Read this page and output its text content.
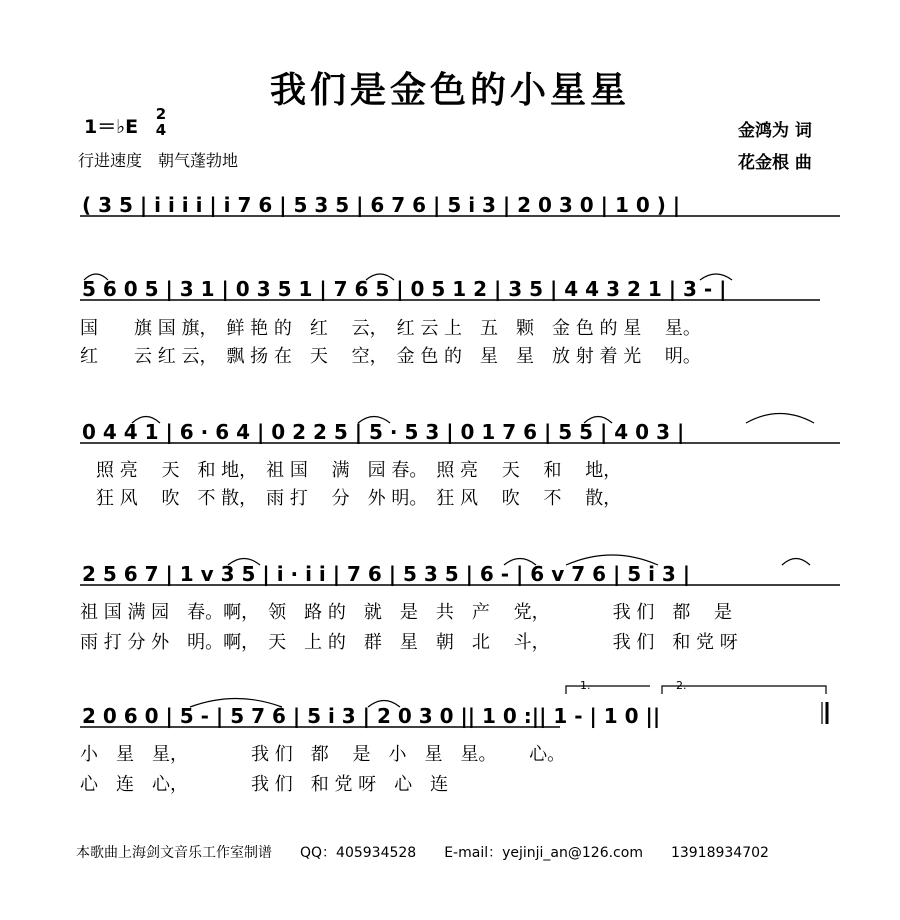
我们是金色的小星星
1＝♭E
2
4
行进速度　朝气蓬勃地
金鸿为 词
花金根 曲
( 3 5 | i i i i | i 7 6 | 5 3 5 | 6 7 6 | 5 i 3 | 2 0 3 0 | 1 0 ) |
5 6 0 5 | 3 1 | 0 3 5 1 | 7 6 5 | 0 5 1 2 | 3 5 | 4 4 3 2 1 | 3 - |
国　　旗 国 旗，　鲜 艳 的　红　 云，　红 云 上　五　颗　金 色 的 星　 星。
红　　云 红 云，　飘 扬 在　天　 空，　金 色 的　星　星　放 射 着 光　 明。
0 4 4 1 | 6 · 6 4 | 0 2 2 5 | 5 · 5 3 | 0 1 7 6 | 5 5 | 4 0 3 |
照 亮　 天　和 地，　祖 国　 满　园 春。　照 亮　 天　 和　 地，
狂 风　 吹　不 散，　雨 打　 分　外 明。　狂 风　 吹　 不　 散，
2 5 6 7 | 1 v 3 5 | i · i i | 7 6 | 5 3 5 | 6 - | 6 v 7 6 | 5 i 3 |
祖 国 满 园　春。啊，　领　路 的　就　是　共　产　 党，　　　　我 们　都　 是
雨 打 分 外　明。啊，　天　上 的　群　星　朝　北　 斗，　　　　我 们　和 党 呀
2 0 6 0 | 5 - | 5 7 6 | 5 i 3 | 2 0 3 0 || 1 0 :|| 1 - | 1 0 ||
小　星　星，　　　　我 们　都　 是　小　星　星。　　 心。
心　连　心，　　　　我 们　和 党 呀　心　连
1.	2.
本歌曲上海剑文音乐工作室制谱　　QQ：405934528　　E-mail：yejinji_an@126.com　　13918934702
